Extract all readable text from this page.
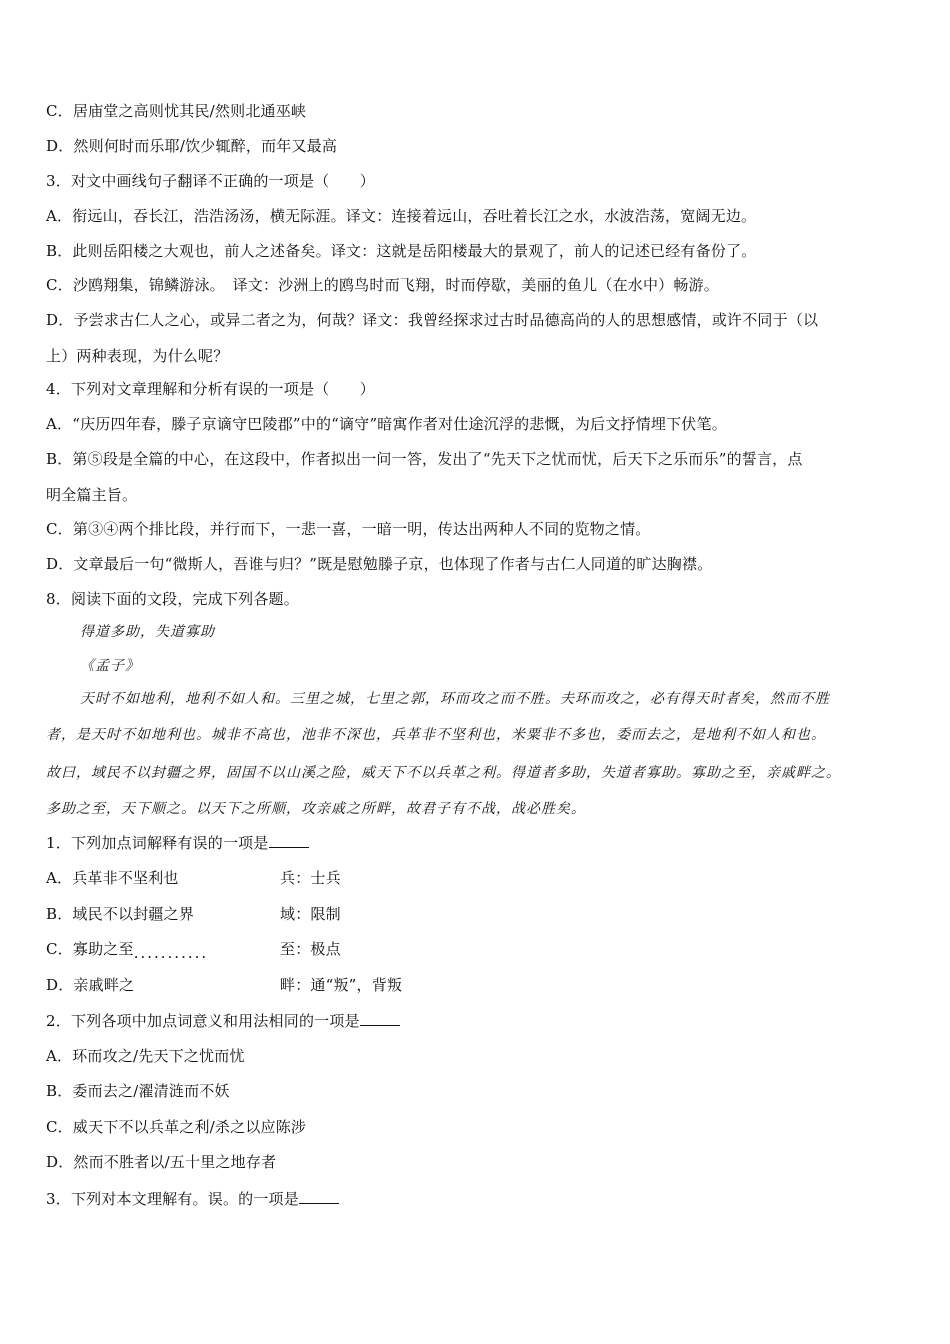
C．居庙堂之高则忧其民/然则北通巫峡
D．然则何时而乐耶/饮少辄醉，而年又最高
3．对文中画线句子翻译不正确的一项是（　　）
A．衔远山，吞长江，浩浩汤汤，横无际涯。译文：连接着远山，吞吐着长江之水，水波浩荡，宽阔无边。
B．此则岳阳楼之大观也，前人之述备矣。译文：这就是岳阳楼最大的景观了，前人的记述已经有备份了。
C．沙鸥翔集，锦鳞游泳。　译文：沙洲上的鸥鸟时而飞翔，时而停歇，美丽的鱼儿（在水中）畅游。
D．予尝求古仁人之心，或异二者之为，何哉？译文：我曾经探求过古时品德高尚的人的思想感情，或许不同于（以
上）两种表现，为什么呢？
4．下列对文章理解和分析有误的一项是（　　）
A．“庆历四年春，滕子京谪守巴陵郡”中的“谪守”暗寓作者对仕途沉浮的悲慨，为后文抒情埋下伏笔。
B．第⑤段是全篇的中心，在这段中，作者拟出一问一答，发出了“先天下之忧而忧，后天下之乐而乐”的誓言，点
明全篇主旨。
C．第③④两个排比段，并行而下，一悲一喜，一暗一明，传达出两种人不同的览物之情。
D．文章最后一句“微斯人，吾谁与归？”既是慰勉滕子京，也体现了作者与古仁人同道的旷达胸襟。
8．阅读下面的文段，完成下列各题。
得道多助，失道寡助
《孟子》
天时不如地利，地利不如人和。三里之城，七里之郭，环而攻之而不胜。夫环而攻之，必有得天时者矣，然而不胜
者，是天时不如地利也。城非不高也，池非不深也，兵革非不坚利也，米粟非不多也，委而去之，是地利不如人和也。
故曰，域民不以封疆之界，固国不以山溪之险，威天下不以兵革之利。得道者多助，失道者寡助。寡助之至，亲戚畔之。
多助之至，天下顺之。以天下之所顺，攻亲戚之所畔，故君子有不战，战必胜矣。
1．下列加点词解释有误的一项是
A．兵革非不坚利也	兵：士兵
B．域民不以封疆之界	域：限制
C．寡助之至...........	至：极点
D．亲戚畔之	畔：通“叛”，背叛
2．下列各项中加点词意义和用法相同的一项是
A．环而攻之/先天下之忧而忧
B．委而去之/濯清涟而不妖
C．威天下不以兵革之利/杀之以应陈涉
D．然而不胜者以/五十里之地存者
3．下列对本文理解有。误。的一项是
